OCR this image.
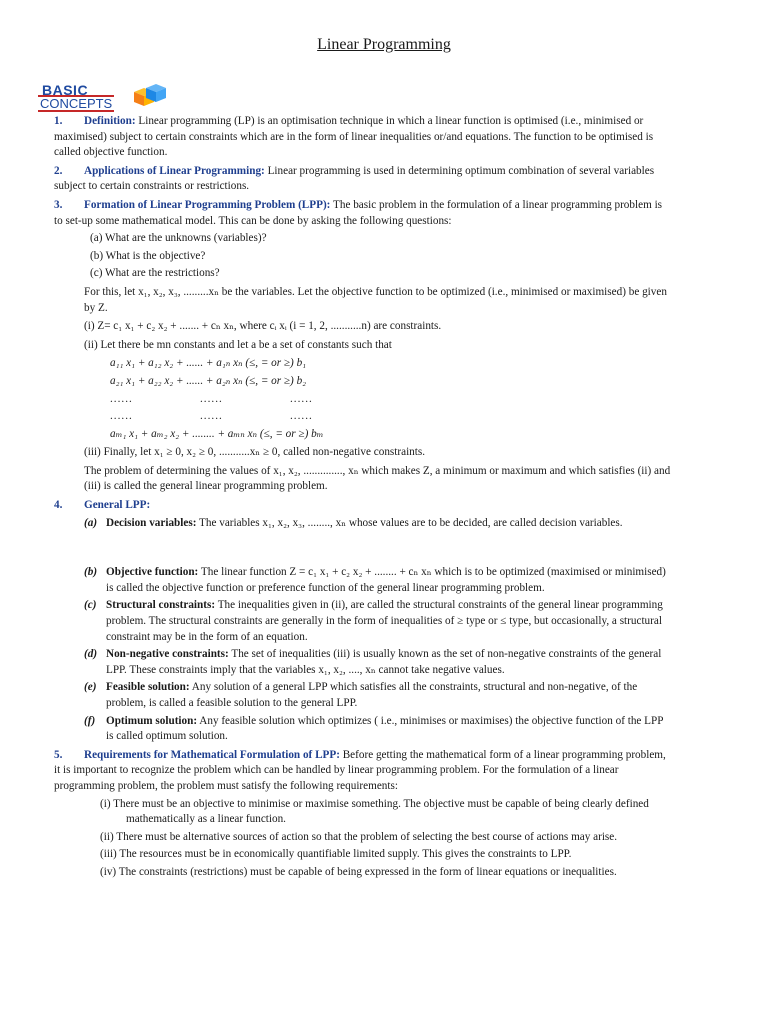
Linear Programming
BASIC
CONCEPTS
1. Definition: Linear programming (LP) is an optimisation technique in which a linear function is optimised (i.e., minimised or maximised) subject to certain constraints which are in the form of linear inequalities or/and equations. The function to be optimised is called objective function.
2. Applications of Linear Programming: Linear programming is used in determining optimum combination of several variables subject to certain constraints or restrictions.
3. Formation of Linear Programming Problem (LPP): The basic problem in the formulation of a linear programming problem is to set-up some mathematical model. This can be done by asking the following questions:
(a) What are the unknowns (variables)?
(b) What is the objective?
(c) What are the restrictions?
For this, let x₁, x₂, x₃, .........xₙ be the variables. Let the objective function to be optimized (i.e., minimised or maximised) be given by Z.
(i) Z= c₁ x₁ + c₂ x₂ + ....... + cₙ xₙ, where cᵢ xᵢ (i = 1, 2, ...........n) are constraints.
(ii) Let there be mn constants and let a be a set of constants such that
a₁₁ x₁ + a₁₂ x₂ + ...... + a₁ₙ xₙ (≤, = or ≥) b₁
a₂₁ x₁ + a₂₂ x₂ + ...... + a₂ₙ xₙ (≤, = or ≥) b₂
......	......	......
......	......	......
aₘ₁ x₁ + aₘ₂ x₂ + ........ + aₘₙ xₙ (≤, = or ≥) bₘ
(iii) Finally, let x₁ ≥ 0, x₂ ≥ 0, ...........xₙ ≥ 0, called non-negative constraints.
The problem of determining the values of x₁, x₂, .............., xₙ which makes Z, a minimum or maximum and which satisfies (ii) and (iii) is called the general linear programming problem.
4. General LPP:
(a) Decision variables: The variables x₁, x₂, x₃, ........, xₙ whose values are to be decided, are called decision variables.
(b) Objective function: The linear function Z = c₁ x₁ + c₂ x₂ + ........ + cₙ xₙ which is to be optimized (maximised or minimised) is called the objective function or preference function of the general linear programming problem.
(c) Structural constraints: The inequalities given in (ii), are called the structural constraints of the general linear programming problem. The structural constraints are generally in the form of inequalities of ≥ type or ≤ type, but occasionally, a structural constraint may be in the form of an equation.
(d) Non-negative constraints: The set of inequalities (iii) is usually known as the set of non-negative constraints of the general LPP. These constraints imply that the variables x₁, x₂, ...., xₙ cannot take negative values.
(e) Feasible solution: Any solution of a general LPP which satisfies all the constraints, structural and non-negative, of the problem, is called a feasible solution to the general LPP.
(f) Optimum solution: Any feasible solution which optimizes ( i.e., minimises or maximises) the objective function of the LPP is called optimum solution.
5. Requirements for Mathematical Formulation of LPP: Before getting the mathematical form of a linear programming problem, it is important to recognize the problem which can be handled by linear programming problem. For the formulation of a linear programming problem, the problem must satisfy the following requirements:
(i) There must be an objective to minimise or maximise something. The objective must be capable of being clearly defined mathematically as a linear function.
(ii) There must be alternative sources of action so that the problem of selecting the best course of actions may arise.
(iii) The resources must be in economically quantifiable limited supply. This gives the constraints to LPP.
(iv) The constraints (restrictions) must be capable of being expressed in the form of linear equations or inequalities.
